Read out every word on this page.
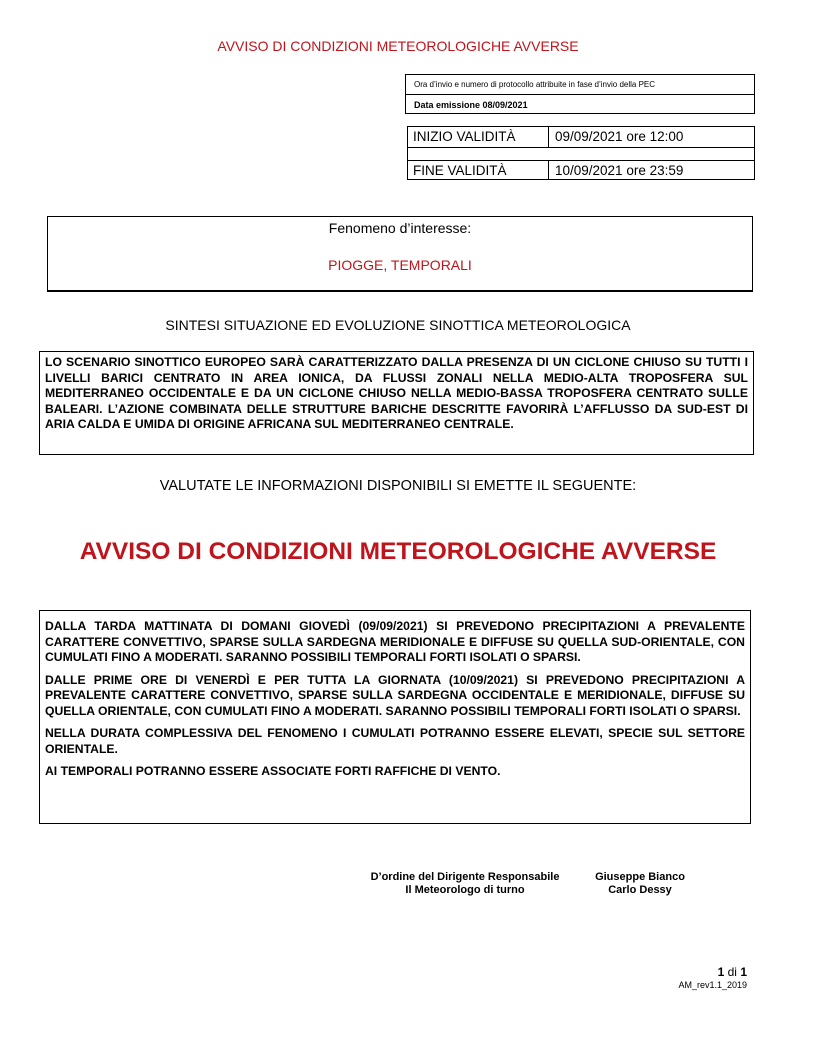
AVVISO DI CONDIZIONI METEOROLOGICHE AVVERSE
Ora d’invio e numero di protocollo attribuite in fase d’invio della PEC
Data emissione 08/09/2021
INIZIO VALIDITÀ	09/09/2021 ore 12:00
FINE VALIDITÀ	10/09/2021 ore 23:59
Fenomeno d’interesse:
PIOGGE, TEMPORALI
SINTESI SITUAZIONE ED EVOLUZIONE SINOTTICA METEOROLOGICA

LO SCENARIO SINOTTICO EUROPEO SARÀ CARATTERIZZATO DALLA PRESENZA DI UN CICLONE CHIUSO SU TUTTI I LIVELLI BARICI CENTRATO IN AREA IONICA, DA FLUSSI ZONALI NELLA MEDIO-ALTA TROPOSFERA SUL MEDITERRANEO OCCIDENTALE E DA UN CICLONE CHIUSO NELLA MEDIO-BASSA TROPOSFERA CENTRATO SULLE BALEARI. L’AZIONE COMBINATA DELLE STRUTTURE BARICHE DESCRITTE FAVORIRÀ L’AFFLUSSO DA SUD-EST DI ARIA CALDA E UMIDA DI ORIGINE AFRICANA SUL MEDITERRANEO CENTRALE.

VALUTATE LE INFORMAZIONI DISPONIBILI SI EMETTE IL SEGUENTE:
AVVISO DI CONDIZIONI METEOROLOGICHE AVVERSE

DALLA TARDA MATTINATA DI DOMANI GIOVEDÌ (09/09/2021) SI PREVEDONO PRECIPITAZIONI A PREVALENTE CARATTERE CONVETTIVO, SPARSE SULLA SARDEGNA MERIDIONALE E DIFFUSE SU QUELLA SUD-ORIENTALE, CON CUMULATI FINO A MODERATI. SARANNO POSSIBILI TEMPORALI FORTI ISOLATI O SPARSI.

DALLE PRIME ORE DI VENERDÌ E PER TUTTA LA GIORNATA (10/09/2021) SI PREVEDONO PRECIPITAZIONI A PREVALENTE CARATTERE CONVETTIVO, SPARSE SULLA SARDEGNA OCCIDENTALE E MERIDIONALE, DIFFUSE SU QUELLA ORIENTALE, CON CUMULATI FINO A MODERATI. SARANNO POSSIBILI TEMPORALI FORTI ISOLATI O SPARSI.

NELLA DURATA COMPLESSIVA DEL FENOMENO I CUMULATI POTRANNO ESSERE ELEVATI, SPECIE SUL SETTORE ORIENTALE.

AI TEMPORALI POTRANNO ESSERE ASSOCIATE FORTI RAFFICHE DI VENTO.

D’ordine del Dirigente Responsabile
Il Meteorologo di turno
Giuseppe Bianco
Carlo Dessy
1 di 1
AM_rev1.1_2019
